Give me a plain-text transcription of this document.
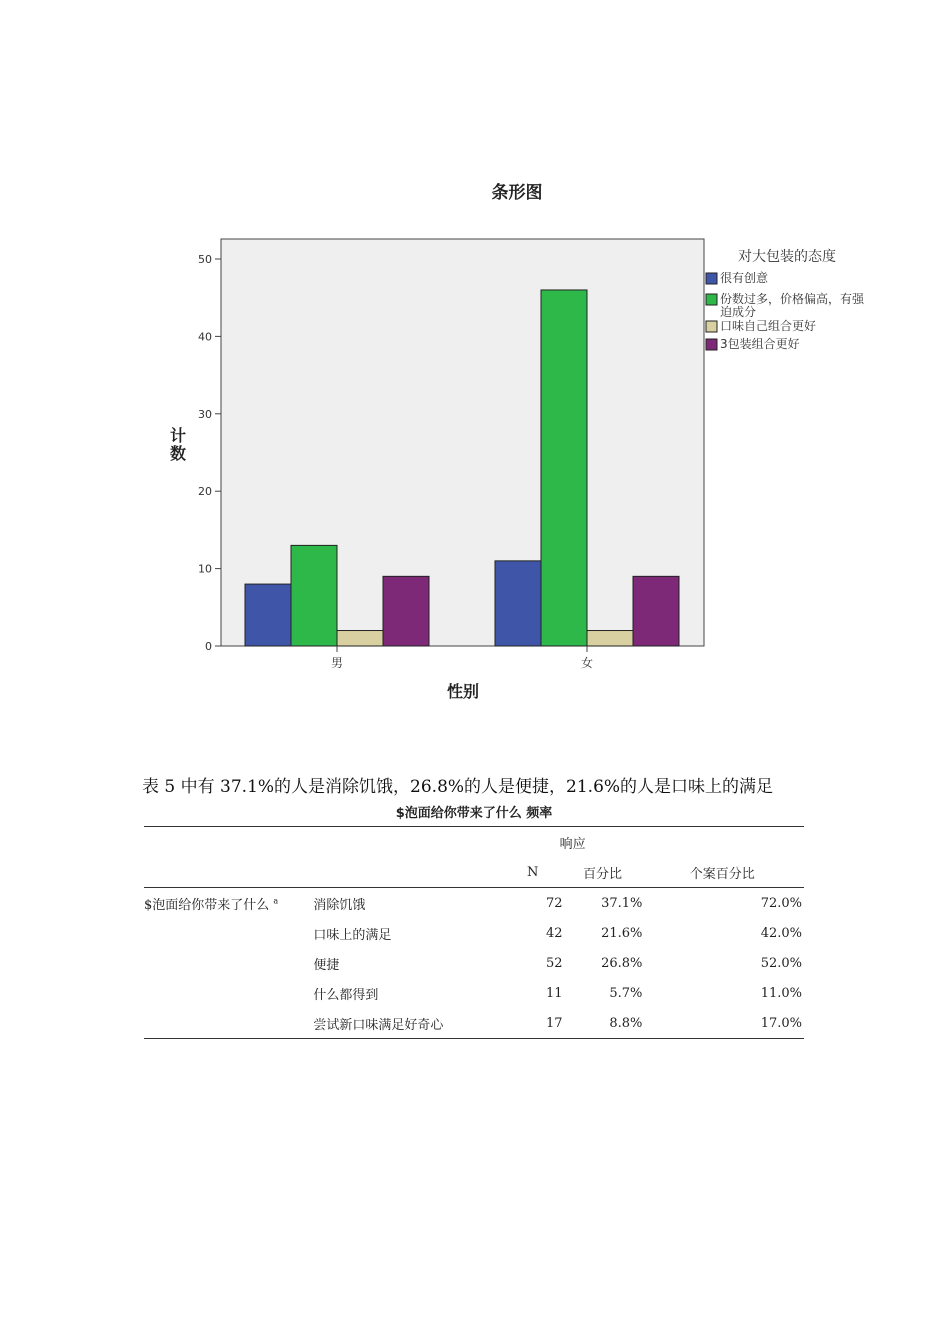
条形图
0
10
20
30
40
50
计
数
男	女
性别
对大包装的态度
很有创意
份数过多，价格偏高，有强
迫成分
口味自己组合更好
3包装组合更好
表 5 中有 37.1%的人是消除饥饿，26.8%的人是便捷，21.6%的人是口味上的满足
$泡面给你带来了什么 频率
		响应		
		N	百分比	个案百分比
$泡面给你带来了什么 $^a$	消除饥饿	72	37.1%	72.0%
	口味上的满足	42	21.6%	42.0%
	便捷	52	26.8%	52.0%
	什么都得到	11	5.7%	11.0%
	尝试新口味满足好奇心	17	8.8%	17.0%
